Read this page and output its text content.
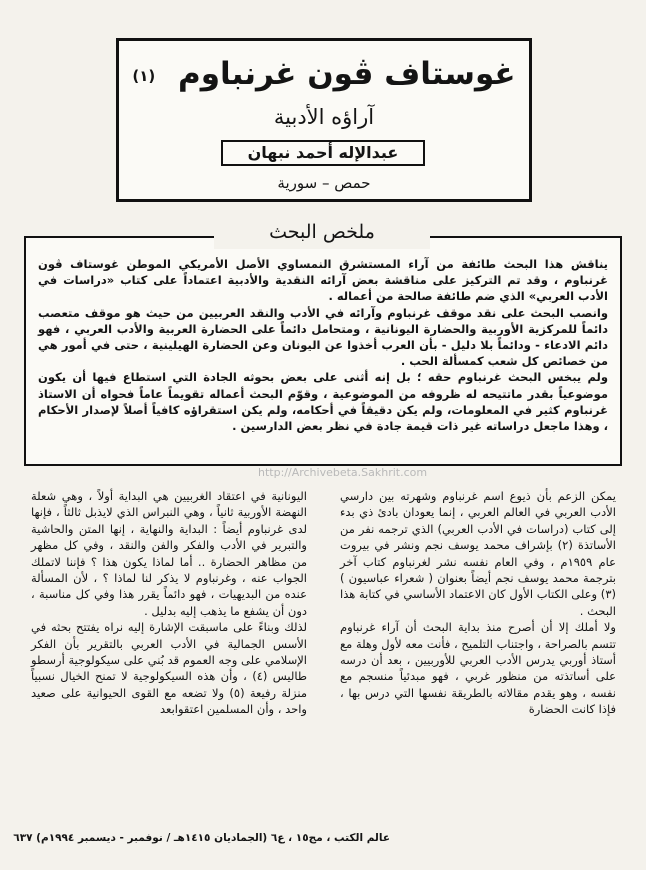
غوستاف ڤون غرنباوم (١)
آراؤه الأدبية
عبدالإله أحمد نبهان
حمص – سورية
ملخص البحث

يناقش هذا البحث طائفة من آراء المستشرق النمساوي الأصل الأمريكي الموطن غوستاف ڤون غرنباوم ، وقد تم التركيز على مناقشة بعض آرائه النقدية والأدبية اعتماداً على كتاب «دراسات في الأدب العربي» الذي ضم طائفة صالحة من أعماله .

وانصب البحث على نقد موقف غرنباوم وآرائه في الأدب والنقد العربيين من حيث هو موقف متعصب دائماً للمركزية الأوربية والحضارة اليونانية ، ومتحامل دائماً على الحضارة العربية والأدب العربي ، فهو دائم الادعاء - ودائماً بلا دليل - بأن العرب أخذوا عن اليونان وعن الحضارة الهيلينية ، حتى في أمور هي من خصائص كل شعب كمسألة الحب .

ولم يبخس البحث غرنباوم حقه ؛ بل إنه أثنى على بعض بحوثه الجادة التي استطاع فيها أن يكون موضوعياً بقدر ماتتيحه له ظروفه من الموضوعية ، وقوّم البحث أعماله تقويماً عاماً فحواه أن الاستاذ غرنباوم كثير في المعلومات، ولم يكن دقيقاً في أحكامه، ولم يكن استقراؤه كافياً أصلاً لإصدار الأحكام ، وهذا ماجعل دراساته غير ذات قيمة جادة في نظر بعض الدارسين .

http://Archivebeta.Sakhrit.com

يمكن الزعم بأن ذيوع اسم غرنباوم وشهرته بين دارسي الأدب العربي في العالم العربي ، إنما يعودان بادئ ذي بدء إلى كتاب (دراسات في الأدب العربي) الذي ترجمه نفر من الأساتذة (٢) بإشراف محمد يوسف نجم ونشر في بيروت عام ١٩٥٩م ، وفي العام نفسه نشر لغرنباوم كتاب آخر بترجمة محمد يوسف نجم أيضاً بعنوان ( شعراء عباسيون ) (٣) وعلى الكتاب الأول كان الاعتماد الأساسي في كتابة هذا البحث .

ولا أملك إلا أن أصرح منذ بداية البحث أن آراء غرنباوم تتسم بالصراحة ، واجتناب التلميح ، فأنت معه لأول وهلة مع أستاذ أوربي يدرس الأدب العربي للأوربيين ، بعد أن درسه على أساتذته من منظور غربي ، فهو مبدئياً منسجم مع نفسه ، وهو يقدم مقالاته بالطريقة نفسها التي درس بها ، فإذا كانت الحضارة

اليونانية في اعتقاد الغربيين هي البداية أولاً ، وهي شعلة النهضة الأوربية ثانياً ، وهي النبراس الذي لايذبل ثالثاً ، فإنها لدى غرنباوم أيضاً : البداية والنهاية ، إنها المتن والحاشية والتبرير في الأدب والفكر والفن والنقد ، وفي كل مظهر من مظاهر الحضارة .. أما لماذا يكون هذا ؟ فإننا لاتملك الجواب عنه ، وغرنباوم لا يذكر لنا لماذا ؟ ، لأن المسألة عنده من البديهيات ، فهو دائماً يقرر هذا وفي كل مناسبة ، دون أن يشفع ما يذهب إليه بدليل .

لذلك وبناءً على ماسبقت الإشارة إليه نراه يفتتح بحثه في الأسس الجمالية في الأدب العربي بالتقرير بأن الفكر الإسلامي على وجه العموم قد بُني على سيكولوجية أرسطو طاليس (٤) ، وأن هذه السيكولوجية لا تمنح الخيال نسبياً منزلة رفيعة (٥) ولا تضعه مع القوى الحيوانية على صعيد واحد ، وأن المسلمين اعتقوابعد

عالم الكتب ، مج١٥ ، ع٦ (الجماديان ١٤١٥هـ / نوفمبر - ديسمبر ١٩٩٤م) ٦٣٧
